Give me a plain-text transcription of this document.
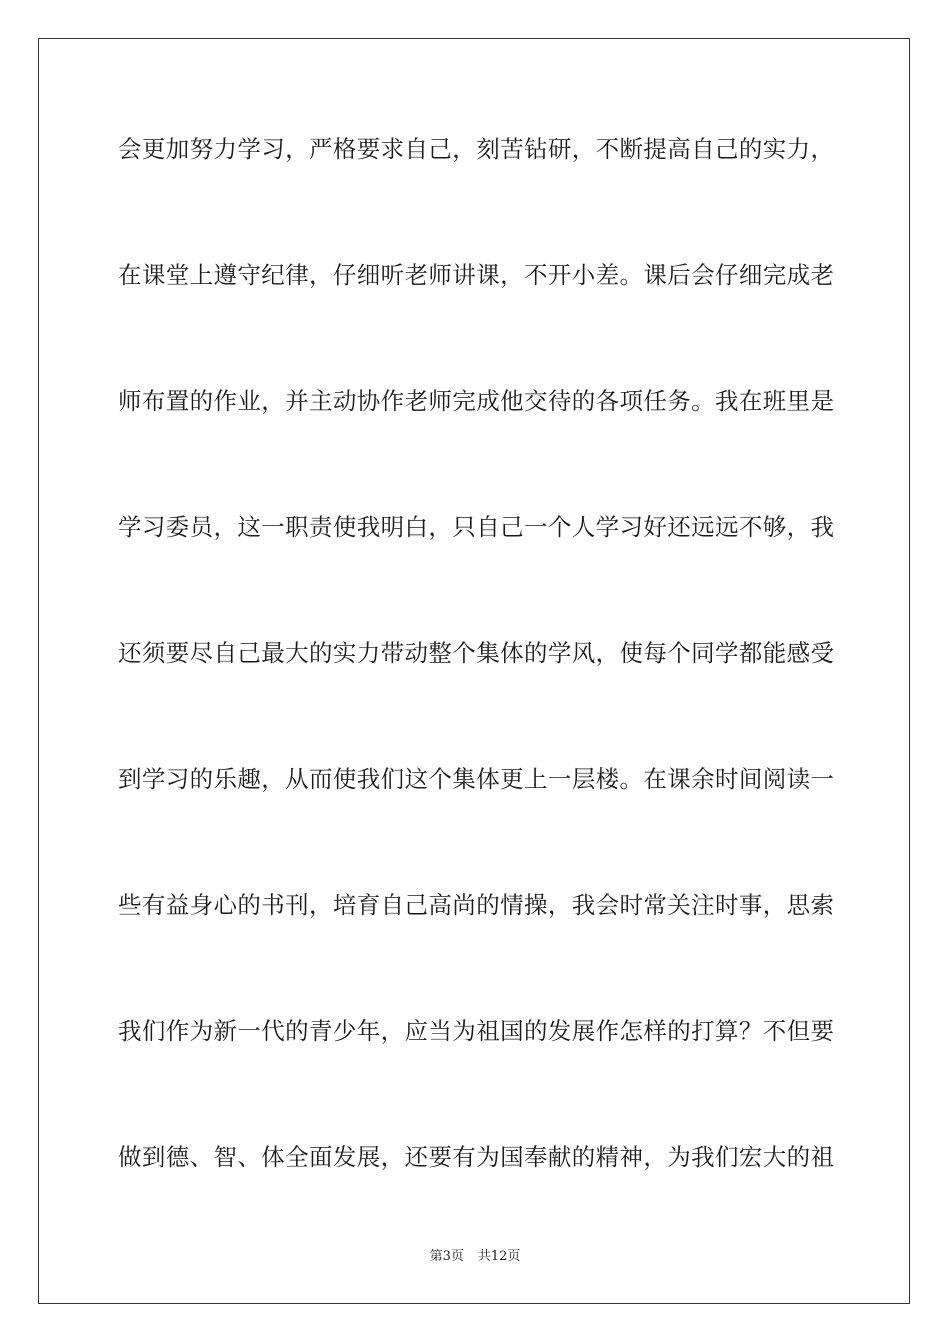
会更加努力学习，严格要求自己，刻苦钻研，不断提高自己的实力，
在课堂上遵守纪律，仔细听老师讲课，不开小差。课后会仔细完成老
师布置的作业，并主动协作老师完成他交待的各项任务。我在班里是
学习委员，这一职责使我明白，只自己一个人学习好还远远不够，我
还须要尽自己最大的实力带动整个集体的学风，使每个同学都能感受
到学习的乐趣，从而使我们这个集体更上一层楼。在课余时间阅读一
些有益身心的书刊，培育自己高尚的情操，我会时常关注时事，思索
我们作为新一代的青少年，应当为祖国的发展作怎样的打算？不但要
做到德、智、体全面发展，还要有为国奉献的精神，为我们宏大的祖
第3页 共12页
